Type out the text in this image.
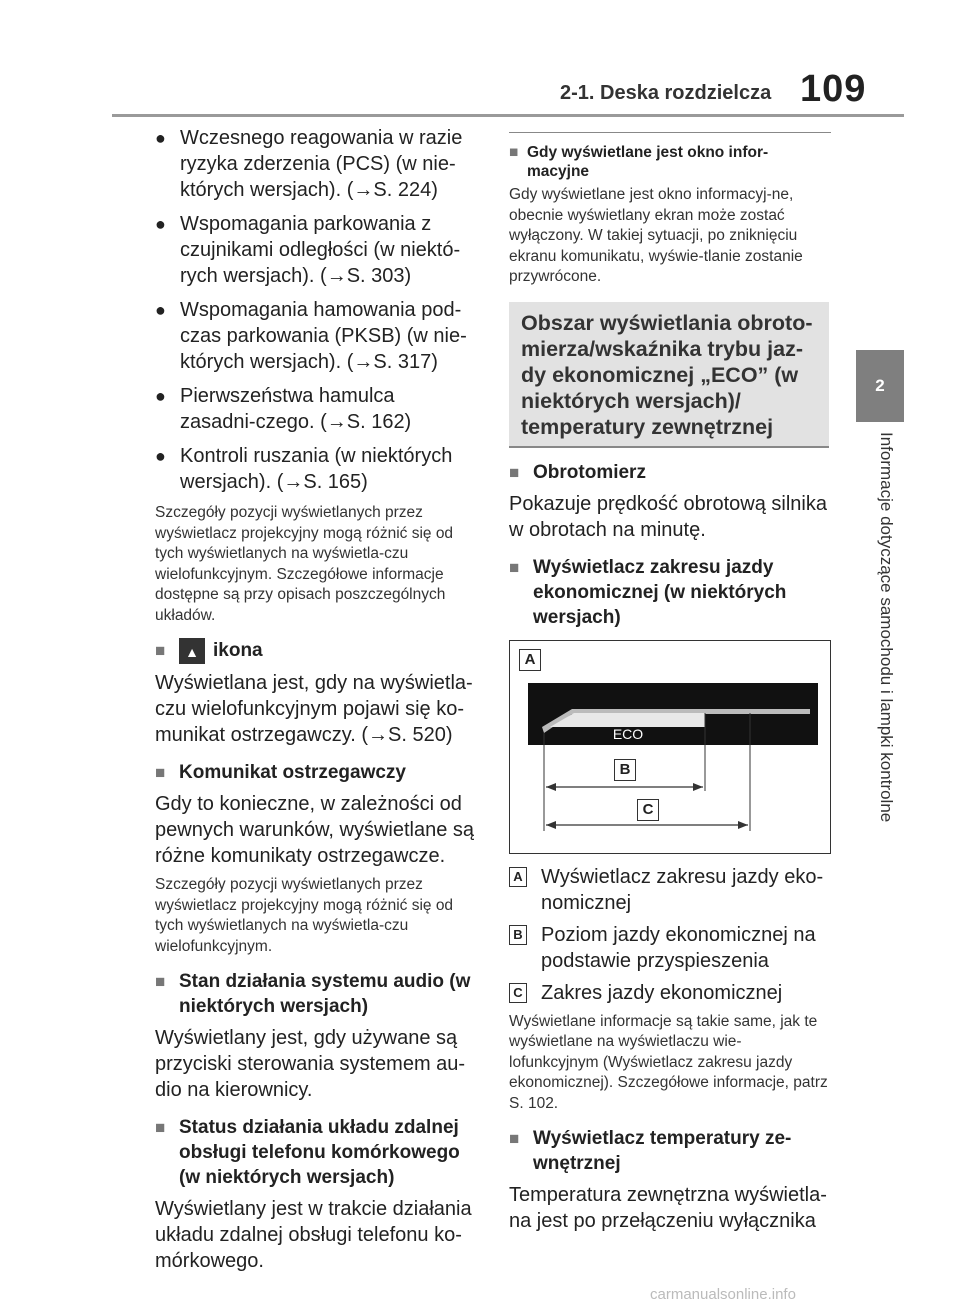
2-1. Deska rozdzielcza 109
2
Informacje dotyczące samochodu i lampki kontrolne
● Wczesnego reagowania w razie ryzyka zderzenia (PCS) (w nie-których wersjach). (→S. 224)
● Wspomagania parkowania z czujnikami odległości (w niektó-rych wersjach). (→S. 303)
● Wspomagania hamowania pod-czas parkowania (PKSB) (w nie-których wersjach). (→S. 317)
● Pierwszeństwa hamulca zasadni-czego. (→S. 162)
● Kontroli ruszania (w niektórych wersjach). (→S. 165)
Szczegóły pozycji wyświetlanych przez wyświetlacz projekcyjny mogą różnić się od tych wyświetlanych na wyświetla-czu wielofunkcyjnym. Szczegółowe informacje dostępne są przy opisach poszczególnych układów.
■	▲ ikona
Wyświetlana jest, gdy na wyświetla-czu wielofunkcyjnym pojawi się ko-munikat ostrzegawczy. (→S. 520)
■ Komunikat ostrzegawczy
Gdy to konieczne, w zależności od pewnych warunków, wyświetlane są różne komunikaty ostrzegawcze.
Szczegóły pozycji wyświetlanych przez wyświetlacz projekcyjny mogą różnić się od tych wyświetlanych na wyświetla-czu wielofunkcyjnym.
■ Stan działania systemu audio (w niektórych wersjach)
Wyświetlany jest, gdy używane są przyciski sterowania systemem au-dio na kierownicy.
■ Status działania układu zdalnej obsługi telefonu komórkowego (w niektórych wersjach)
Wyświetlany jest w trakcie działania układu zdalnej obsługi telefonu ko-mórkowego.
■ Gdy wyświetlane jest okno infor-macyjne
Gdy wyświetlane jest okno informacyj-ne, obecnie wyświetlany ekran może zostać wyłączony. W takiej sytuacji, po zniknięciu ekranu komunikatu, wyświe-tlanie zostanie przywrócone.
Obszar wyświetlania obroto-mierza/wskaźnika trybu jaz-dy ekonomicznej „ECO” (w niektórych wersjach)/ temperatury zewnętrznej
■ Obrotomierz
Pokazuje prędkość obrotową silnika w obrotach na minutę.
■ Wyświetlacz zakresu jazdy ekonomicznej (w niektórych wersjach)
A
ECO
B
C
A Wyświetlacz zakresu jazdy eko-nomicznej
B Poziom jazdy ekonomicznej na podstawie przyspieszenia
C Zakres jazdy ekonomicznej
Wyświetlane informacje są takie same, jak te wyświetlane na wyświetlaczu wie-lofunkcyjnym (Wyświetlacz zakresu jazdy ekonomicznej). Szczegółowe informacje, patrz S. 102.
■ Wyświetlacz temperatury ze-wnętrznej
Temperatura zewnętrzna wyświetla-na jest po przełączeniu wyłącznika
carmanualsonline.info
